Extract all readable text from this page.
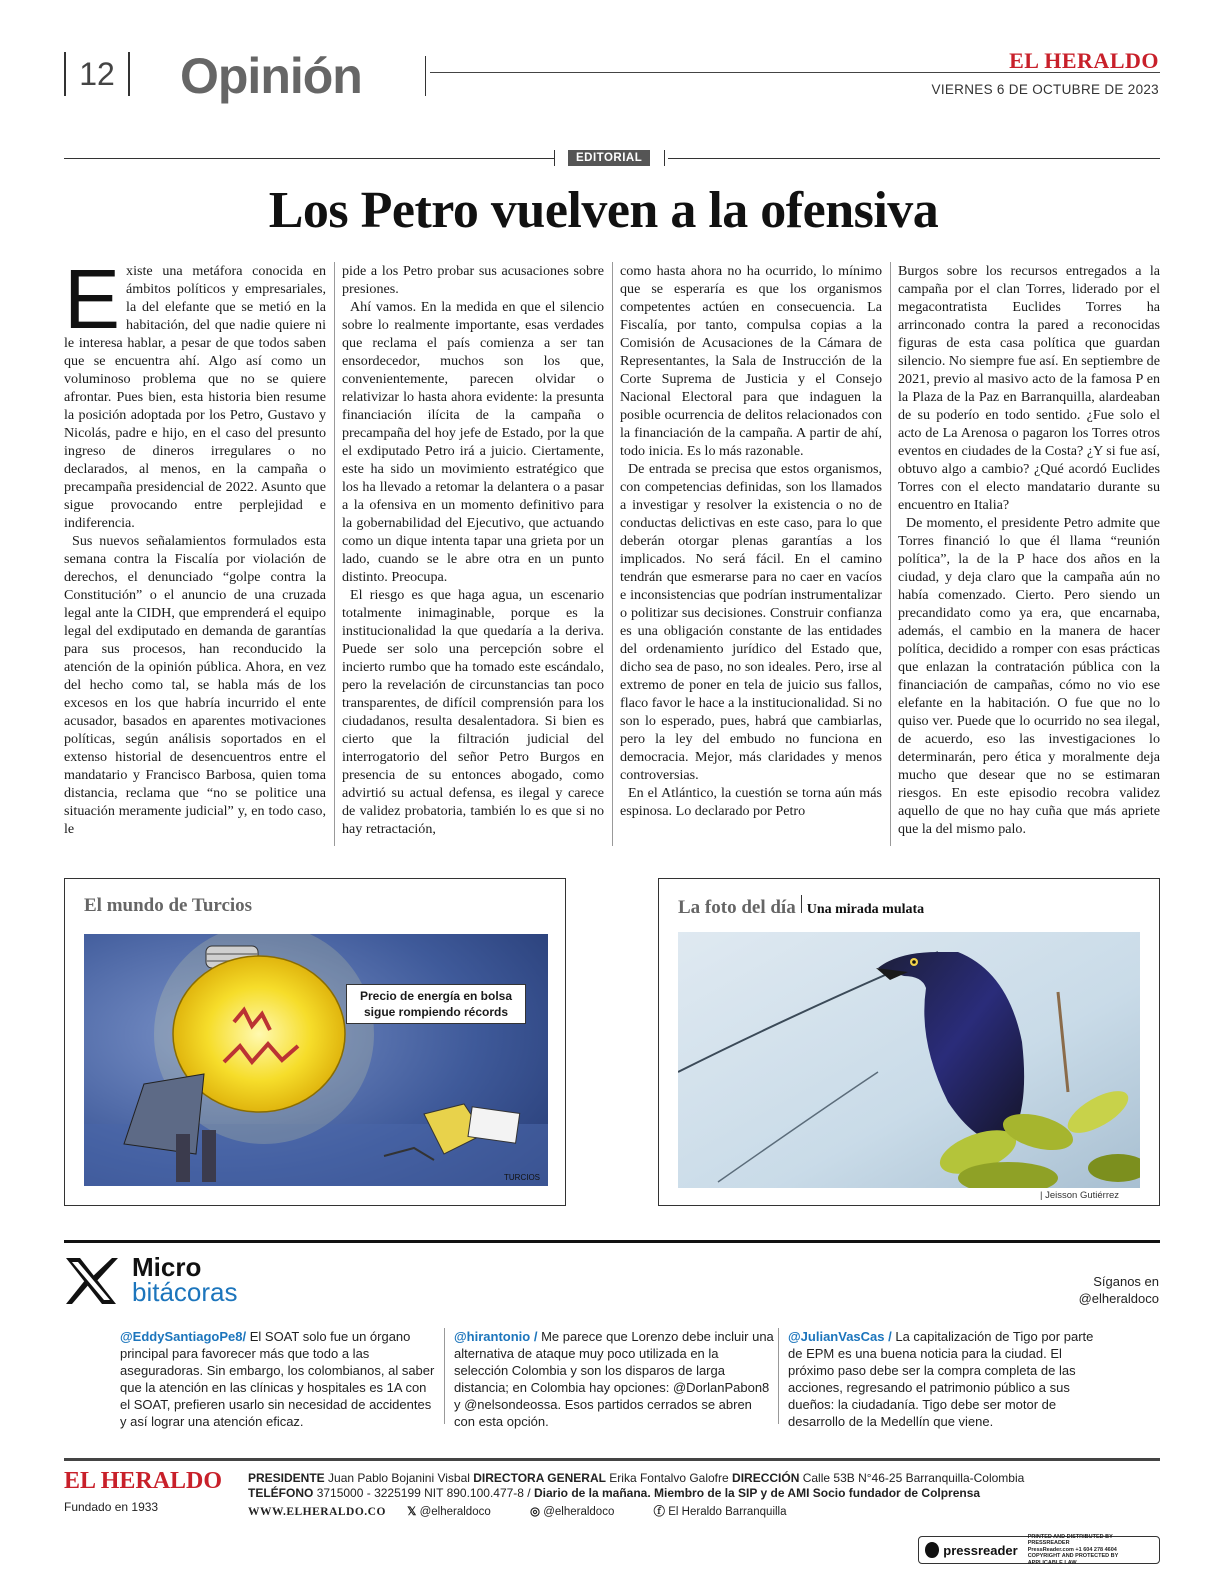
12	Opinión	EL HERALDO
VIERNES 6 DE OCTUBRE DE 2023
EDITORIAL
Los Petro vuelven a la ofensiva
E xiste una metáfora conocida en ámbitos políticos y empresariales, la del elefante que se metió en la habitación, del que nadie quiere ni le interesa hablar, a pesar de que todos saben que se encuentra ahí. Algo así como un voluminoso problema que no se quiere afrontar. Pues bien, esta historia bien resume la posición adoptada por los Petro, Gustavo y Nicolás, padre e hijo, en el caso del presunto ingreso de dineros irregulares o no declarados, al menos, en la campaña o precampaña presidencial de 2022. Asunto que sigue provocando entre perplejidad e indiferencia.

Sus nuevos señalamientos formulados esta semana contra la Fiscalía por violación de derechos, el denunciado “golpe contra la Constitución” o el anuncio de una cruzada legal ante la CIDH, que emprenderá el equipo legal del exdiputado en demanda de garantías para sus procesos, han reconducido la atención de la opinión pública. Ahora, en vez del hecho como tal, se habla más de los excesos en los que habría incurrido el ente acusador, basados en aparentes motivaciones políticas, según análisis soportados en el extenso historial de desencuentros entre el mandatario y Francisco Barbosa, quien toma distancia, reclama que “no se politice una situación meramente judicial” y, en todo caso, le

pide a los Petro probar sus acusaciones sobre presiones.

Ahí vamos. En la medida en que el silencio sobre lo realmente importante, esas verdades que reclama el país comienza a ser tan ensordecedor, muchos son los que, convenientemente, parecen olvidar o relativizar lo hasta ahora evidente: la presunta financiación ilícita de la campaña o precampaña del hoy jefe de Estado, por la que el exdiputado Petro irá a juicio. Ciertamente, este ha sido un movimiento estratégico que los ha llevado a retomar la delantera o a pasar a la ofensiva en un momento definitivo para la gobernabilidad del Ejecutivo, que actuando como un dique intenta tapar una grieta por un lado, cuando se le abre otra en un punto distinto. Preocupa.

El riesgo es que haga agua, un escenario totalmente inimaginable, porque es la institucionalidad la que quedaría a la deriva. Puede ser solo una percepción sobre el incierto rumbo que ha tomado este escándalo, pero la revelación de circunstancias tan poco transparentes, de difícil comprensión para los ciudadanos, resulta desalentadora. Si bien es cierto que la filtración judicial del interrogatorio del señor Petro Burgos en presencia de su entonces abogado, como advirtió su actual defensa, es ilegal y carece de validez probatoria, también lo es que si no hay retractación,

como hasta ahora no ha ocurrido, lo mínimo que se esperaría es que los organismos competentes actúen en consecuencia. La Fiscalía, por tanto, compulsa copias a la Comisión de Acusaciones de la Cámara de Representantes, la Sala de Instrucción de la Corte Suprema de Justicia y el Consejo Nacional Electoral para que indaguen la posible ocurrencia de delitos relacionados con la financiación de la campaña. A partir de ahí, todo inicia. Es lo más razonable.

De entrada se precisa que estos organismos, con competencias definidas, son los llamados a investigar y resolver la existencia o no de conductas delictivas en este caso, para lo que deberán otorgar plenas garantías a los implicados. No será fácil. En el camino tendrán que esmerarse para no caer en vacíos e inconsistencias que podrían instrumentalizar o politizar sus decisiones. Construir confianza es una obligación constante de las entidades del ordenamiento jurídico del Estado que, dicho sea de paso, no son ideales. Pero, irse al extremo de poner en tela de juicio sus fallos, flaco favor le hace a la institucionalidad. Si no son lo esperado, pues, habrá que cambiarlas, pero la ley del embudo no funciona en democracia. Mejor, más claridades y menos controversias.

En el Atlántico, la cuestión se torna aún más espinosa. Lo declarado por Petro

Burgos sobre los recursos entregados a la campaña por el clan Torres, liderado por el megacontratista Euclides Torres ha arrinconado contra la pared a reconocidas figuras de esta casa política que guardan silencio. No siempre fue así. En septiembre de 2021, previo al masivo acto de la famosa P en la Plaza de la Paz en Barranquilla, alardeaban de su poderío en todo sentido. ¿Fue solo el acto de La Arenosa o pagaron los Torres otros eventos en ciudades de la Costa? ¿Y si fue así, obtuvo algo a cambio? ¿Qué acordó Euclides Torres con el electo mandatario durante su encuentro en Italia?

De momento, el presidente Petro admite que Torres financió lo que él llama “reunión política”, la de la P hace dos años en la ciudad, y deja claro que la campaña aún no había comenzado. Cierto. Pero siendo un precandidato como ya era, que encarnaba, además, el cambio en la manera de hacer política, decidido a romper con esas prácticas que enlazan la contratación pública con la financiación de campañas, cómo no vio ese elefante en la habitación. O fue que no lo quiso ver. Puede que lo ocurrido no sea ilegal, de acuerdo, eso las investigaciones lo determinarán, pero ética y moralmente deja mucho que desear que no se estimaran riesgos. En este episodio recobra validez aquello de que no hay cuña que más apriete que la del mismo palo.

El mundo de Turcios
TURCIOS
Precio de energía en bolsa sigue rompiendo récords
La foto del día Una mirada mulata
| Jeisson Gutiérrez
Micro
bitácoras	Síganos en
@elheraldoco
@EddySantiagoPe8/ El SOAT solo fue un órgano principal para favorecer más que todo a las aseguradoras. Sin embargo, los colombianos, al saber que la atención en las clínicas y hospitales es 1A con el SOAT, prefieren usarlo sin necesidad de accidentes y así lograr una atención eficaz.
@hirantonio / Me parece que Lorenzo debe incluir una alternativa de ataque muy poco utilizada en la selección Colombia y son los disparos de larga distancia; en Colombia hay opciones: @DorlanPabon8 y @nelsondeossa. Esos partidos cerrados se abren con esta opción.
@JulianVasCas / La capitalización de Tigo por parte de EPM es una buena noticia para la ciudad. El próximo paso debe ser la compra completa de las acciones, regresando el patrimonio público a sus dueños: la ciudadanía. Tigo debe ser motor de desarrollo de la Medellín que viene.
EL HERALDO
Fundado en 1933
PRESIDENTE Juan Pablo Bojanini Visbal DIRECTORA GENERAL Erika Fontalvo Galofre DIRECCIÓN Calle 53B N°46-25 Barranquilla-Colombia
TELÉFONO 3715000 - 3225199 NIT 890.100.477-8 / Diario de la mañana. Miembro de la SIP y de AMI Socio fundador de Colprensa
WWW.ELHERALDO.CO 𝕏 @elheraldoco	◎ @elheraldoco	ⓕ El Heraldo Barranquilla
pressreader
PRINTED AND DISTRIBUTED BY PRESSREADER
PressReader.com +1 604 278 4604
COPYRIGHT AND PROTECTED BY APPLICABLE LAW
